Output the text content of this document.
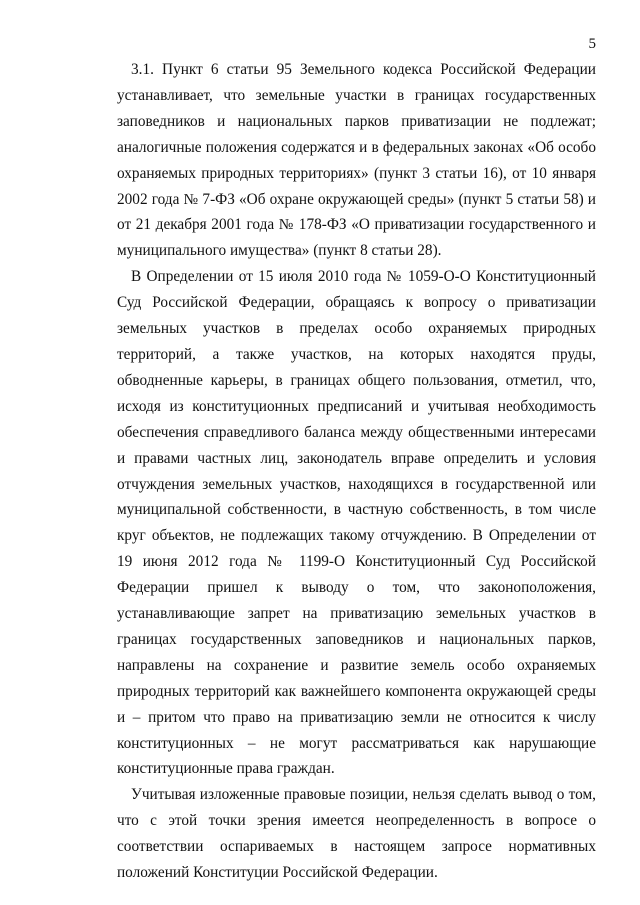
5

3.1. Пункт 6 статьи 95 Земельного кодекса Российской Федерации устанавливает, что земельные участки в границах государственных заповедников и национальных парков приватизации не подлежат; аналогичные положения содержатся и в федеральных законах «Об особо охраняемых природных территориях» (пункт 3 статьи 16), от 10 января 2002 года № 7-ФЗ «Об охране окружающей среды» (пункт 5 статьи 58) и от 21 декабря 2001 года № 178-ФЗ «О приватизации государственного и муниципального имущества» (пункт 8 статьи 28).

В Определении от 15 июля 2010 года № 1059-О-О Конституционный Суд Российской Федерации, обращаясь к вопросу о приватизации земельных участков в пределах особо охраняемых природных территорий, а также участков, на которых находятся пруды, обводненные карьеры, в границах общего пользования, отметил, что, исходя из конституционных предписаний и учитывая необходимость обеспечения справедливого баланса между общественными интересами и правами частных лиц, законодатель вправе определить и условия отчуждения земельных участков, находящихся в государственной или муниципальной собственности, в частную собственность, в том числе круг объектов, не подлежащих такому отчуждению. В Определении от 19 июня 2012 года № 1199-О Конституционный Суд Российской Федерации пришел к выводу о том, что законоположения, устанавливающие запрет на приватизацию земельных участков в границах государственных заповедников и национальных парков, направлены на сохранение и развитие земель особо охраняемых природных территорий как важнейшего компонента окружающей среды и – притом что право на приватизацию земли не относится к числу конституционных – не могут рассматриваться как нарушающие конституционные права граждан.

Учитывая изложенные правовые позиции, нельзя сделать вывод о том, что с этой точки зрения имеется неопределенность в вопросе о соответствии оспариваемых в настоящем запросе нормативных положений Конституции Российской Федерации.
